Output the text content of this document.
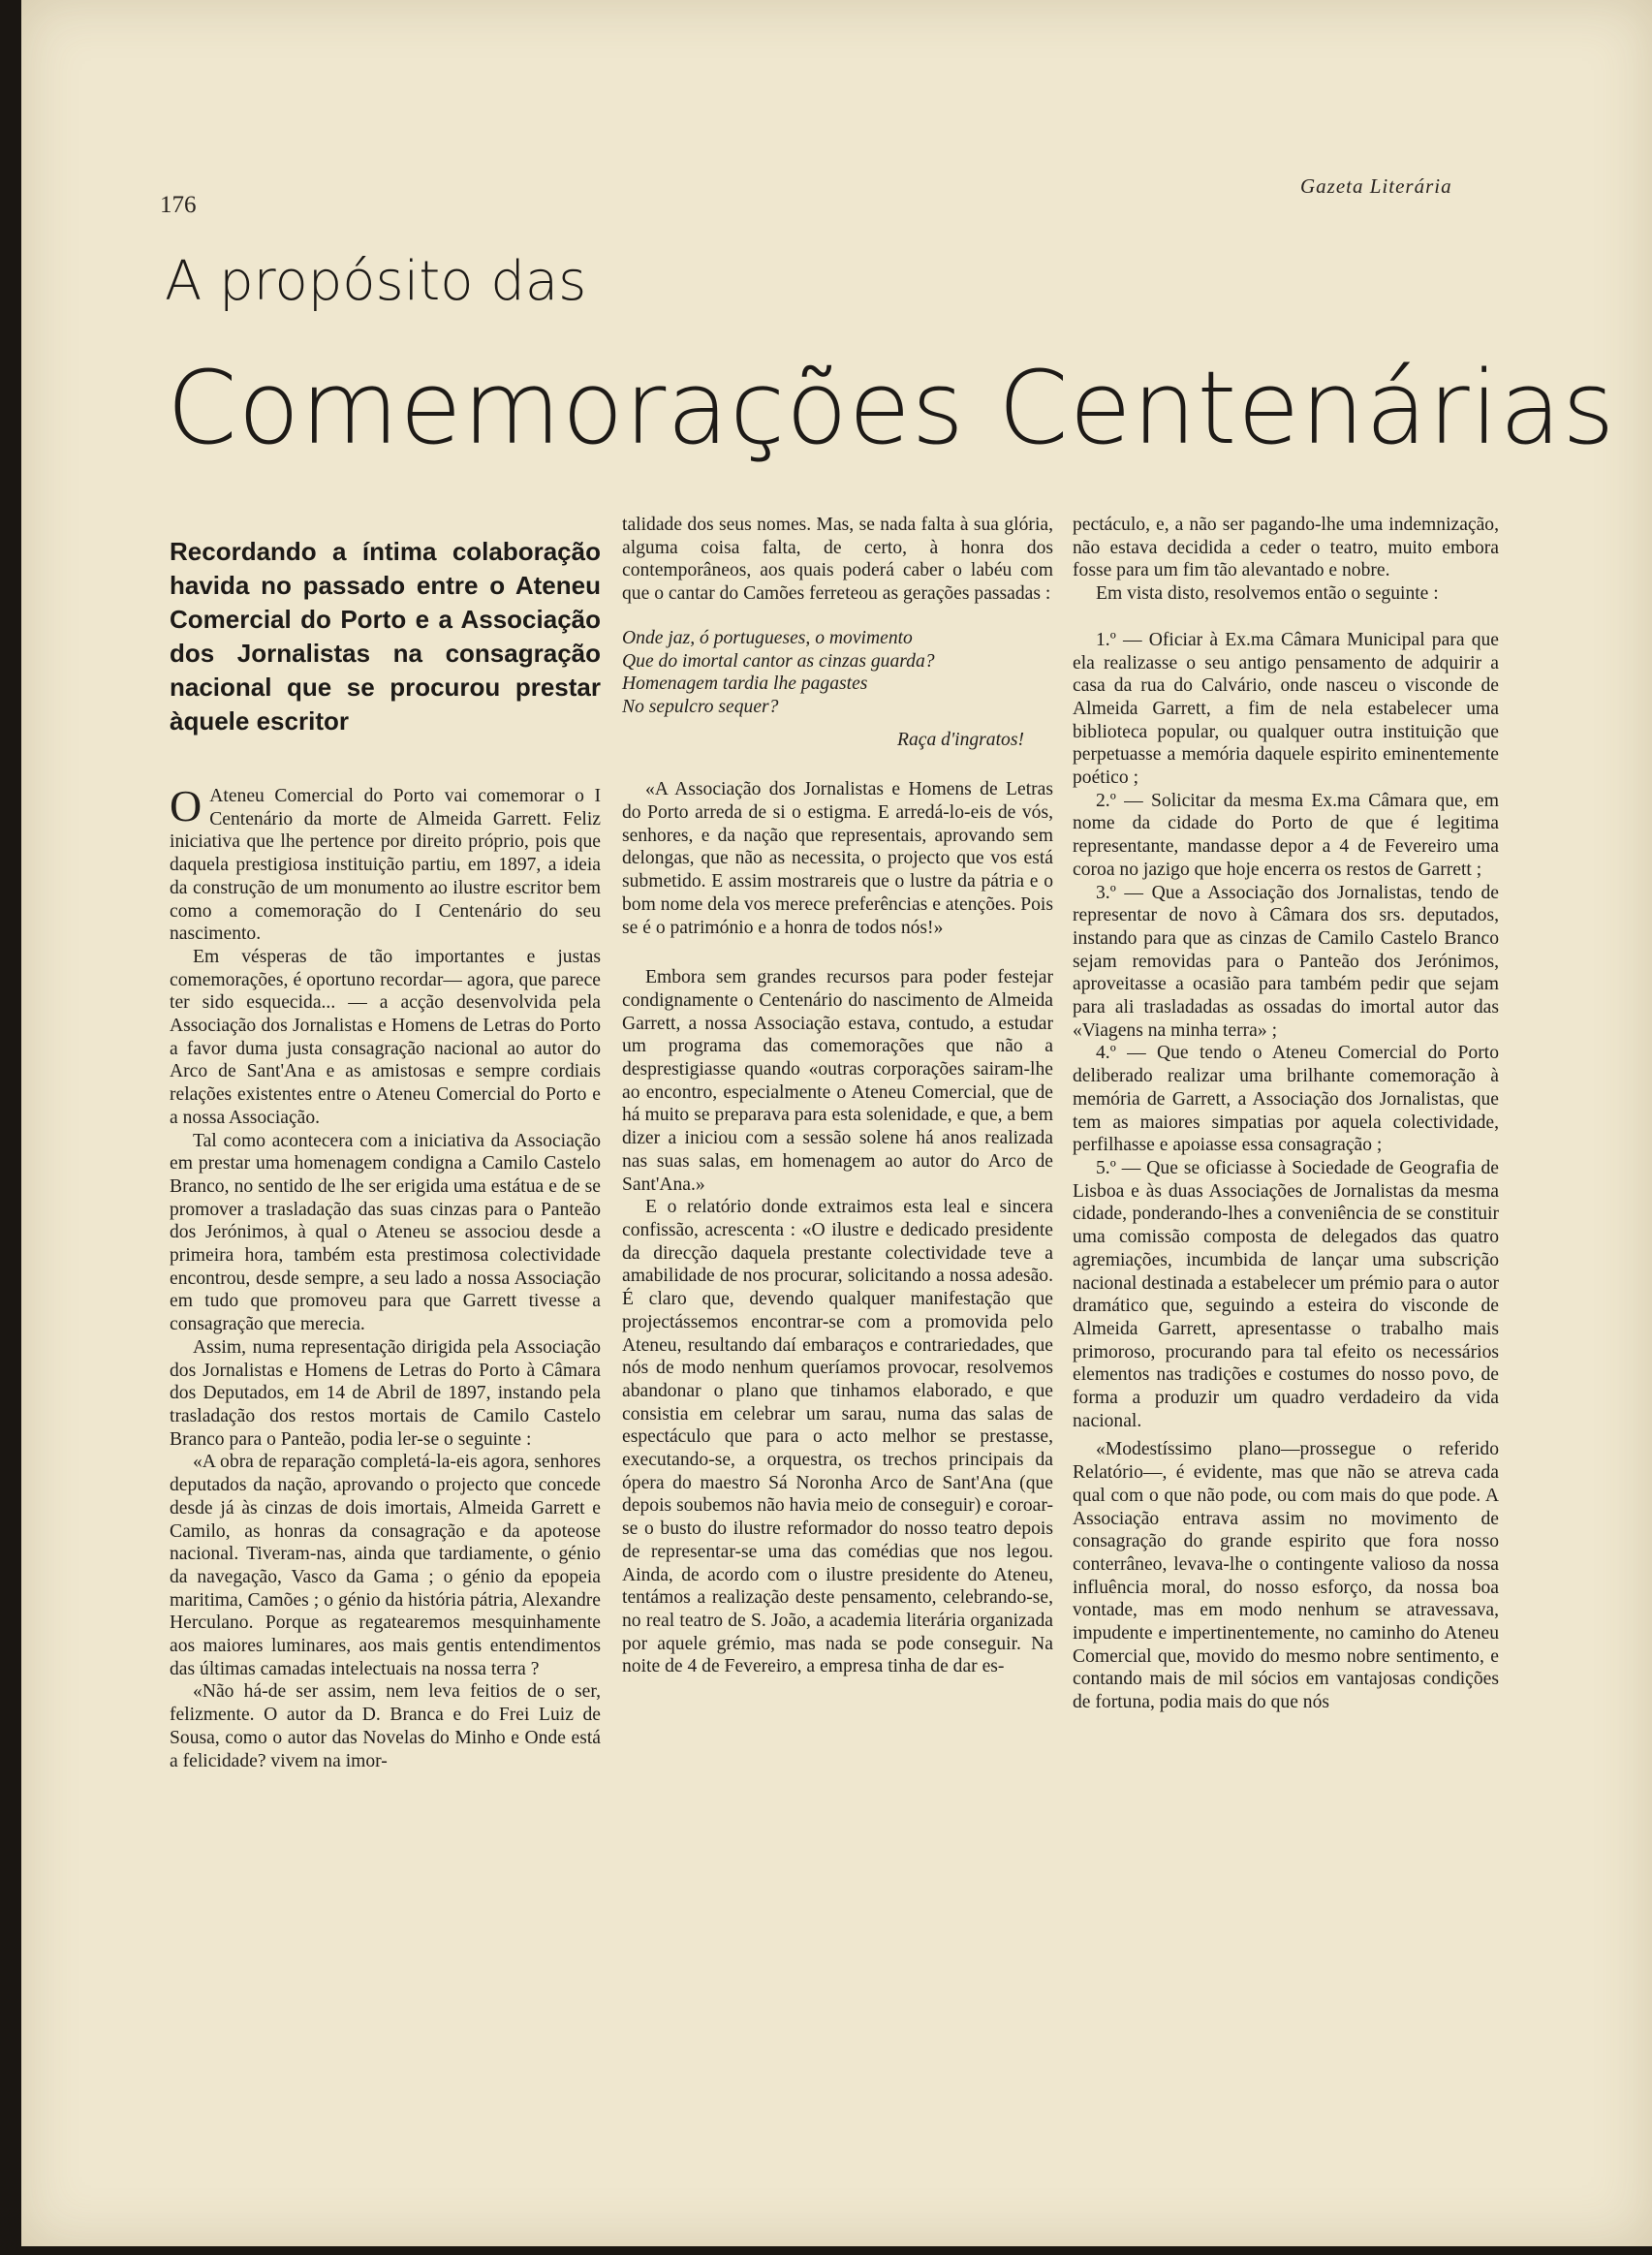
176
Gazeta Literária
A propósito das
Comemorações Centenárias

Recordando a íntima colaboração havida no passado entre o Ateneu Comercial do Porto e a Associação dos Jornalistas na consagração nacional que se procurou prestar àquele escritor

O Ateneu Comercial do Porto vai comemorar o I Centenário da morte de Almeida Garrett. Feliz iniciativa que lhe pertence por direito próprio, pois que daquela prestigiosa instituição partiu, em 1897, a ideia da construção de um monumento ao ilustre escritor bem como a comemoração do I Centenário do seu nascimento.

Em vésperas de tão importantes e justas comemorações, é oportuno recordar— agora, que parece ter sido esquecida... — a acção desenvolvida pela Associação dos Jornalistas e Homens de Letras do Porto a favor duma justa consagração nacional ao autor do Arco de Sant'Ana e as amistosas e sempre cordiais relações existentes entre o Ateneu Comercial do Porto e a nossa Associação.

Tal como acontecera com a iniciativa da Associação em prestar uma homenagem condigna a Camilo Castelo Branco, no sentido de lhe ser erigida uma estátua e de se promover a trasladação das suas cinzas para o Panteão dos Jerónimos, à qual o Ateneu se associou desde a primeira hora, também esta prestimosa colectividade encontrou, desde sempre, a seu lado a nossa Associação em tudo que promoveu para que Garrett tivesse a consagração que merecia.

Assim, numa representação dirigida pela Associação dos Jornalistas e Homens de Letras do Porto à Câmara dos Deputados, em 14 de Abril de 1897, instando pela trasladação dos restos mortais de Camilo Castelo Branco para o Panteão, podia ler-se o seguinte :

«A obra de reparação completá-la-eis agora, senhores deputados da nação, aprovando o projecto que concede desde já às cinzas de dois imortais, Almeida Garrett e Camilo, as honras da consagração e da apoteose nacional. Tiveram-nas, ainda que tardiamente, o génio da navegação, Vasco da Gama ; o génio da epopeia maritima, Camões ; o génio da história pátria, Alexandre Herculano. Porque as regatearemos mesquinhamente aos maiores luminares, aos mais gentis entendimentos das últimas camadas intelectuais na nossa terra ?

«Não há-de ser assim, nem leva feitios de o ser, felizmente. O autor da D. Branca e do Frei Luiz de Sousa, como o autor das Novelas do Minho e Onde está a felicidade? vivem na imor-

talidade dos seus nomes. Mas, se nada falta à sua glória, alguma coisa falta, de certo, à honra dos contemporâneos, aos quais poderá caber o labéu com que o cantar do Camões ferreteou as gerações passadas :

Onde jaz, ó portugueses, o movimento
Que do imortal cantor as cinzas guarda?
Homenagem tardia lhe pagastes
No sepulcro sequer?

Raça d'ingratos!

«A Associação dos Jornalistas e Homens de Letras do Porto arreda de si o estigma. E arredá-lo-eis de vós, senhores, e da nação que representais, aprovando sem delongas, que não as necessita, o projecto que vos está submetido. E assim mostrareis que o lustre da pátria e o bom nome dela vos merece preferências e atenções. Pois se é o património e a honra de todos nós!»

Embora sem grandes recursos para poder festejar condignamente o Centenário do nascimento de Almeida Garrett, a nossa Associação estava, contudo, a estudar um programa das comemorações que não a desprestigiasse quando «outras corporações sairam-lhe ao encontro, especialmente o Ateneu Comercial, que de há muito se preparava para esta solenidade, e que, a bem dizer a iniciou com a sessão solene há anos realizada nas suas salas, em homenagem ao autor do Arco de Sant'Ana.»

E o relatório donde extraimos esta leal e sincera confissão, acrescenta : «O ilustre e dedicado presidente da direcção daquela prestante colectividade teve a amabilidade de nos procurar, solicitando a nossa adesão. É claro que, devendo qualquer manifestação que projectássemos encontrar-se com a promovida pelo Ateneu, resultando daí embaraços e contrariedades, que nós de modo nenhum queríamos provocar, resolvemos abandonar o plano que tinhamos elaborado, e que consistia em celebrar um sarau, numa das salas de espectáculo que para o acto melhor se prestasse, executando-se, a orquestra, os trechos principais da ópera do maestro Sá Noronha Arco de Sant'Ana (que depois soubemos não havia meio de conseguir) e coroar-se o busto do ilustre reformador do nosso teatro depois de representar-se uma das comédias que nos legou. Ainda, de acordo com o ilustre presidente do Ateneu, tentámos a realização deste pensamento, celebrando-se, no real teatro de S. João, a academia literária organizada por aquele grémio, mas nada se pode conseguir. Na noite de 4 de Fevereiro, a empresa tinha de dar es-

pectáculo, e, a não ser pagando-lhe uma indemnização, não estava decidida a ceder o teatro, muito embora fosse para um fim tão alevantado e nobre.

Em vista disto, resolvemos então o seguinte :

1.º — Oficiar à Ex.ma Câmara Municipal para que ela realizasse o seu antigo pensamento de adquirir a casa da rua do Calvário, onde nasceu o visconde de Almeida Garrett, a fim de nela estabelecer uma biblioteca popular, ou qualquer outra instituição que perpetuasse a memória daquele espirito eminentemente poético ;

2.º — Solicitar da mesma Ex.ma Câmara que, em nome da cidade do Porto de que é legitima representante, mandasse depor a 4 de Fevereiro uma coroa no jazigo que hoje encerra os restos de Garrett ;

3.º — Que a Associação dos Jornalistas, tendo de representar de novo à Câmara dos srs. deputados, instando para que as cinzas de Camilo Castelo Branco sejam removidas para o Panteão dos Jerónimos, aproveitasse a ocasião para também pedir que sejam para ali trasladadas as ossadas do imortal autor das «Viagens na minha terra» ;

4.º — Que tendo o Ateneu Comercial do Porto deliberado realizar uma brilhante comemoração à memória de Garrett, a Associação dos Jornalistas, que tem as maiores simpatias por aquela colectividade, perfilhasse e apoiasse essa consagração ;

5.º — Que se oficiasse à Sociedade de Geografia de Lisboa e às duas Associações de Jornalistas da mesma cidade, ponderando-lhes a conveniência de se constituir uma comissão composta de delegados das quatro agremiações, incumbida de lançar uma subscrição nacional destinada a estabelecer um prémio para o autor dramático que, seguindo a esteira do visconde de Almeida Garrett, apresentasse o trabalho mais primoroso, procurando para tal efeito os necessários elementos nas tradições e costumes do nosso povo, de forma a produzir um quadro verdadeiro da vida nacional.

«Modestíssimo plano—prosseguе o referido Relatório—, é evidente, mas que não se atreva cada qual com o que não pode, ou com mais do que pode. A Associação entrava assim no movimento de consagração do grande espirito que fora nosso conterrâneo, levava-lhe o contingente valioso da nossa influência moral, do nosso esforço, da nossa boa vontade, mas em modo nenhum se atravessava, impudente e impertinentemente, no caminho do Ateneu Comercial que, movido do mesmo nobre sentimento, e contando mais de mil sócios em vantajosas condições de fortuna, podia mais do que nós
